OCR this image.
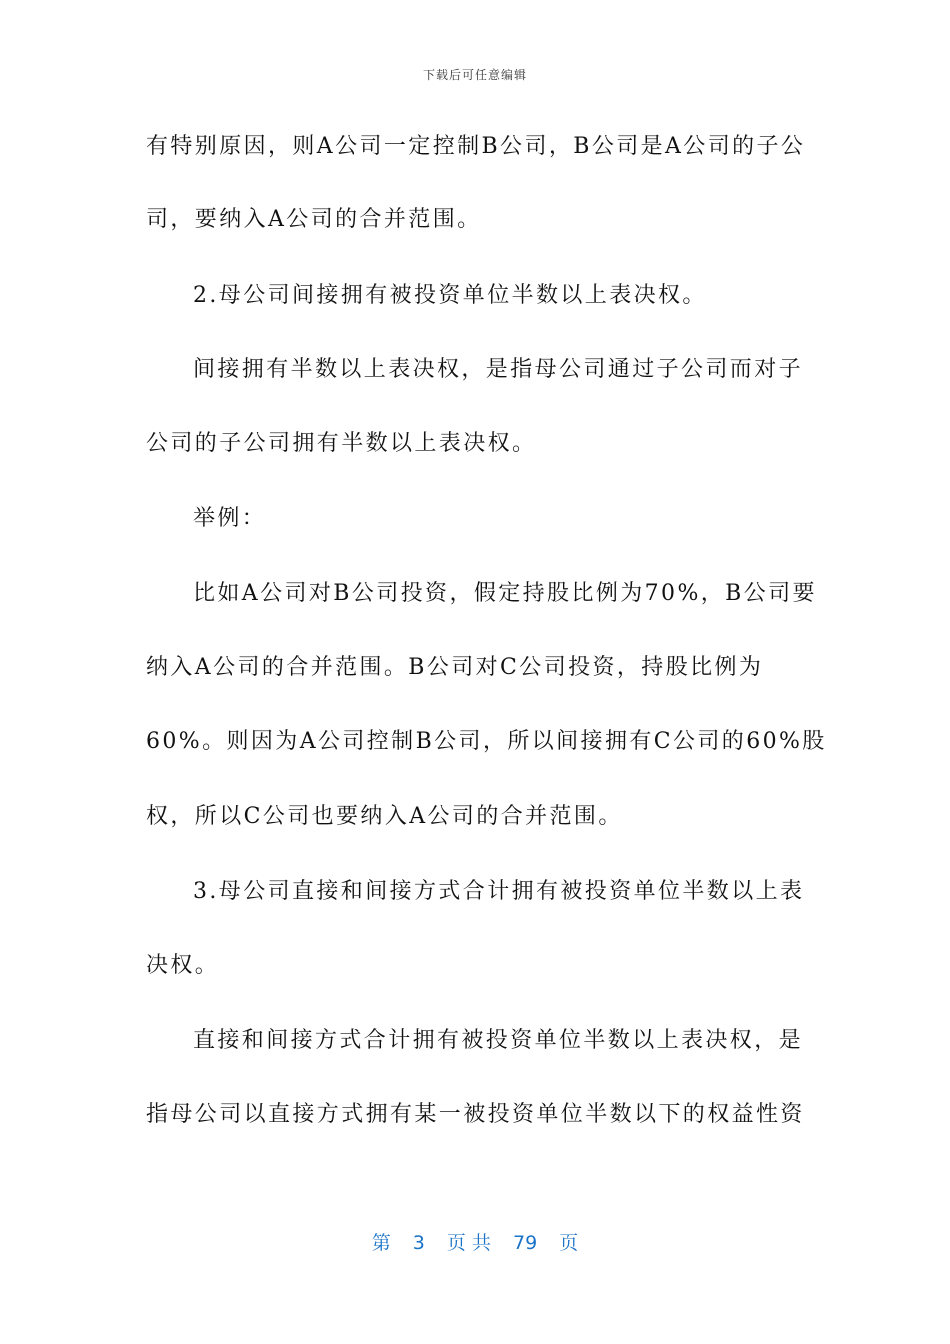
下载后可任意编辑
有特别原因，则A公司一定控制B公司，B公司是A公司的子公
司，要纳入A公司的合并范围。
2.母公司间接拥有被投资单位半数以上表决权。
间接拥有半数以上表决权，是指母公司通过子公司而对子
公司的子公司拥有半数以上表决权。
举例：
比如A公司对B公司投资，假定持股比例为70%，B公司要
纳入A公司的合并范围。B公司对C公司投资，持股比例为
60%。则因为A公司控制B公司，所以间接拥有C公司的60%股
权，所以C公司也要纳入A公司的合并范围。
3.母公司直接和间接方式合计拥有被投资单位半数以上表
决权。
直接和间接方式合计拥有被投资单位半数以上表决权，是
指母公司以直接方式拥有某一被投资单位半数以下的权益性资
第 3 页 共 79 页
